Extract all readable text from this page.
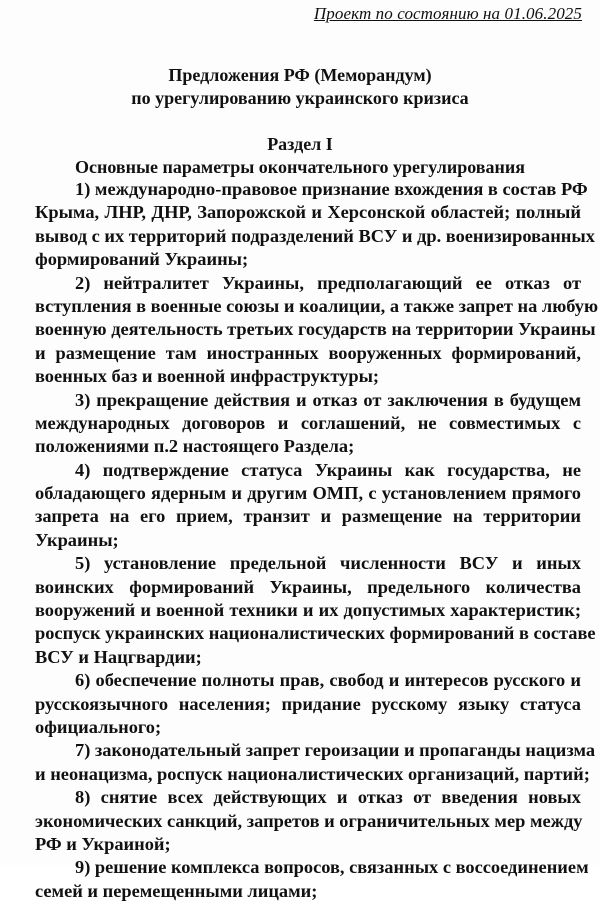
Проект по состоянию на 01.06.2025
Предложения РФ (Меморандум)
по урегулированию украинского кризиса
Раздел I
Основные параметры окончательного урегулирования
1) международно-правовое признание вхождения в состав РФ
Крыма, ЛНР, ДНР, Запорожской и Херсонской областей; полный
вывод с их территорий подразделений ВСУ и др. военизированных
формирований Украины;
2) нейтралитет Украины, предполагающий ее отказ от
вступления в военные союзы и коалиции, а также запрет на любую
военную деятельность третьих государств на территории Украины
и размещение там иностранных вооруженных формирований,
военных баз и военной инфраструктуры;
3) прекращение действия и отказ от заключения в будущем
международных договоров и соглашений, не совместимых с
положениями п.2 настоящего Раздела;
4) подтверждение статуса Украины как государства, не
обладающего ядерным и другим ОМП, с установлением прямого
запрета на его прием, транзит и размещение на территории
Украины;
5) установление предельной численности ВСУ и иных
воинских формирований Украины, предельного количества
вооружений и военной техники и их допустимых характеристик;
роспуск украинских националистических формирований в составе
ВСУ и Нацгвардии;
6) обеспечение полноты прав, свобод и интересов русского и
русскоязычного населения; придание русскому языку статуса
официального;
7) законодательный запрет героизации и пропаганды нацизма
и неонацизма, роспуск националистических организаций, партий;
8) снятие всех действующих и отказ от введения новых
экономических санкций, запретов и ограничительных мер между
РФ и Украиной;
9) решение комплекса вопросов, связанных с воссоединением
семей и перемещенными лицами;
